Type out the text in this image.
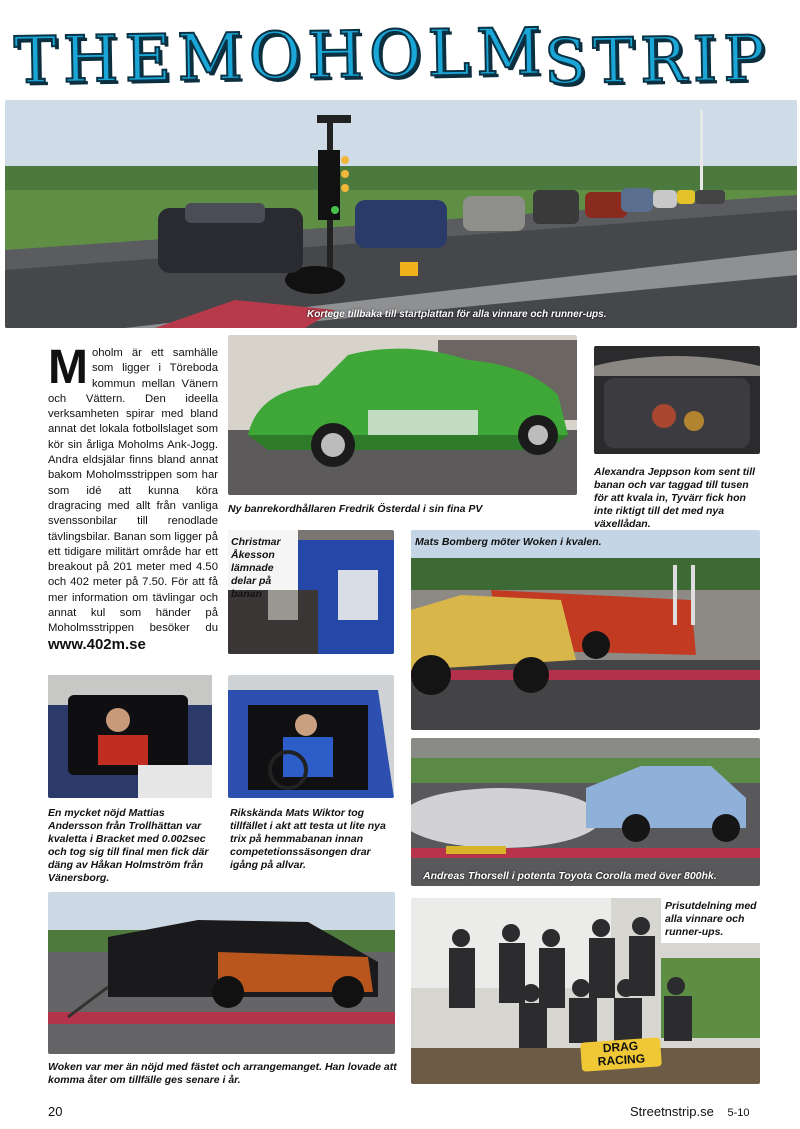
THEMOHOLM
STRIP
Kortege tillbaka till startplattan för alla vinnare och runner-ups.
M oholm är ett samhälle som ligger i Töreboda kommun mellan Vänern och Vättern. Den ideella verksamheten spirar med bland annat det lokala fotbollslaget som kör sin årliga Moholms Ank-Jogg. Andra eldsjälar finns bland annat bakom Moholmsstrippen som har som idé att kunna köra dragracing med allt från vanliga svenssonbilar till renodlade tävlingsbilar. Banan som ligger på ett tidigare militärt område har ett breakout på 201 meter med 4.50 och 402 meter på 7.50. För att få mer information om tävlingar och annat kul som händer på Moholmsstrippen besöker du www.402m.se
Ny banrekordhållaren Fredrik Österdal i sin fina PV
Alexandra Jeppson kom sent till banan och var taggad till tusen för att kvala in, Tyvärr fick hon inte riktigt till det med nya växellådan.
Christmar Åkesson lämnade delar på banan
Mats Bomberg möter Woken i kvalen.
En mycket nöjd Mattias Andersson från Trollhättan var kvaletta i Bracket med 0.002sec och tog sig till final men fick där däng av Håkan Holmström från Vänersborg.
Rikskända Mats Wiktor tog tillfället i akt att testa ut lite nya trix på hemmabanan innan competetionssäsongen drar igång på allvar.
Andreas Thorsell i potenta Toyota Corolla med över 800hk.
Woken var mer än nöjd med fästet och arrangemanget. Han lovade att komma åter om tillfälle ges senare i år.
DRAG RACING
Prisutdelning med alla vinnare och runner-ups.
20	Streetnstrip.se 5-10
